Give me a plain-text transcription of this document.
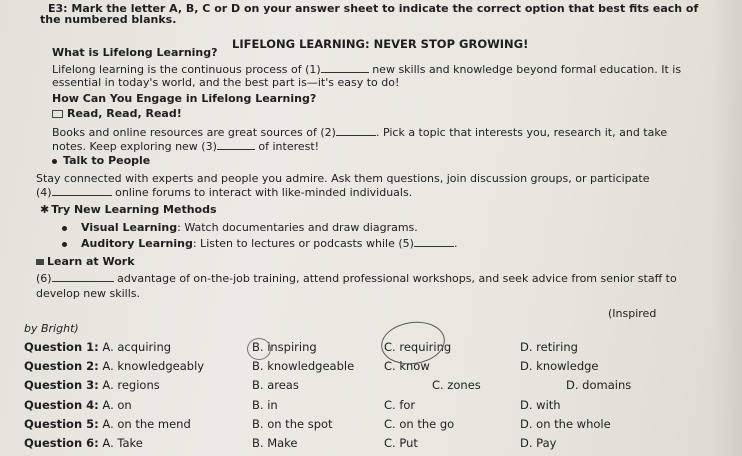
E3: Mark the letter A, B, C or D on your answer sheet to indicate the correct option that best fits each of
the numbered blanks.
LIFELONG LEARNING: NEVER STOP GROWING!
What is Lifelong Learning?
Lifelong learning is the continuous process of (1)	new skills and knowledge beyond formal education. It is
essential in today's world, and the best part is—it's easy to do!
How Can You Engage in Lifelong Learning?
Read, Read, Read!
Books and online resources are great sources of (2)	. Pick a topic that interests you, research it, and take
notes. Keep exploring new (3)	of interest!
Talk to People
Stay connected with experts and people you admire. Ask them questions, join discussion groups, or participate
(4)	online forums to interact with like-minded individuals.
✱ Try New Learning Methods
Visual Learning: Watch documentaries and draw diagrams.
Auditory Learning: Listen to lectures or podcasts while (5)	.
Learn at Work
(6)	advantage of on-the-job training, attend professional workshops, and seek advice from senior staff to
develop new skills.
(Inspired
by Bright)
Question 1: A. acquiring	B. inspiring	C. requiring	D. retiring
Question 2: A. knowledgeably	B. knowledgeable	C. know	D. knowledge
Question 3: A. regions	B. areas	C. zones	D. domains
Question 4: A. on	B. in	C. for	D. with
Question 5: A. on the mend	B. on the spot	C. on the go	D. on the whole
Question 6: A. Take	B. Make	C. Put	D. Pay
